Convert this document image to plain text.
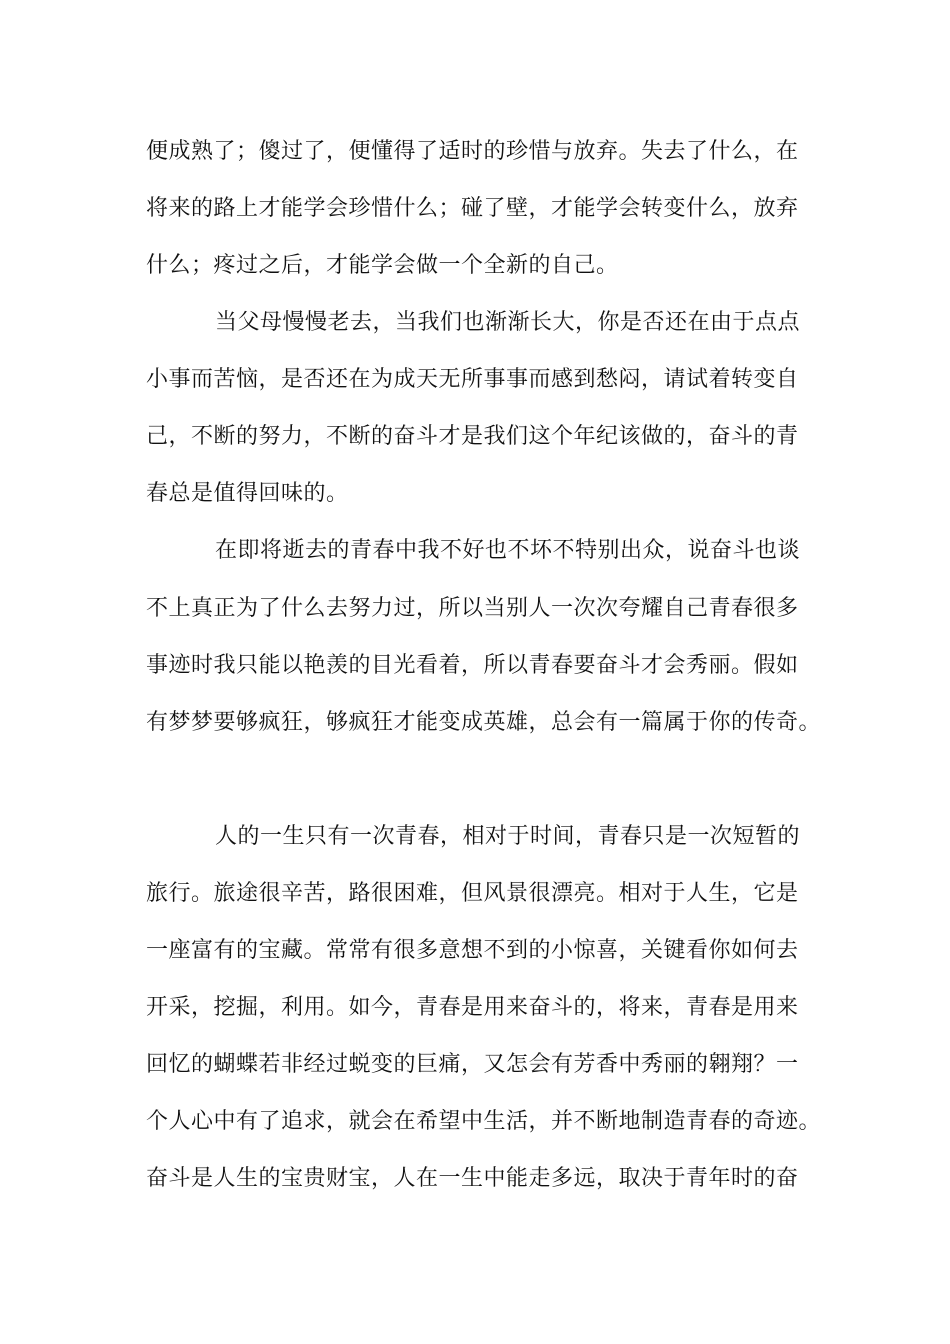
便成熟了；傻过了，便懂得了适时的珍惜与放弃。失去了什么，在
将来的路上才能学会珍惜什么；碰了壁，才能学会转变什么，放弃
什么；疼过之后，才能学会做一个全新的自己。
当父母慢慢老去，当我们也渐渐长大，你是否还在由于点点
小事而苦恼，是否还在为成天无所事事而感到愁闷，请试着转变自
己，不断的努力，不断的奋斗才是我们这个年纪该做的，奋斗的青
春总是值得回味的。
在即将逝去的青春中我不好也不坏不特别出众，说奋斗也谈
不上真正为了什么去努力过，所以当别人一次次夸耀自己青春很多
事迹时我只能以艳羡的目光看着，所以青春要奋斗才会秀丽。假如
有梦梦要够疯狂，够疯狂才能变成英雄，总会有一篇属于你的传奇。
人的一生只有一次青春，相对于时间，青春只是一次短暂的
旅行。旅途很辛苦，路很困难，但风景很漂亮。相对于人生，它是
一座富有的宝藏。常常有很多意想不到的小惊喜，关键看你如何去
开采，挖掘，利用。如今，青春是用来奋斗的，将来，青春是用来
回忆的蝴蝶若非经过蜕变的巨痛，又怎会有芳香中秀丽的翱翔？一
个人心中有了追求，就会在希望中生活，并不断地制造青春的奇迹。
奋斗是人生的宝贵财宝，人在一生中能走多远，取决于青年时的奋
